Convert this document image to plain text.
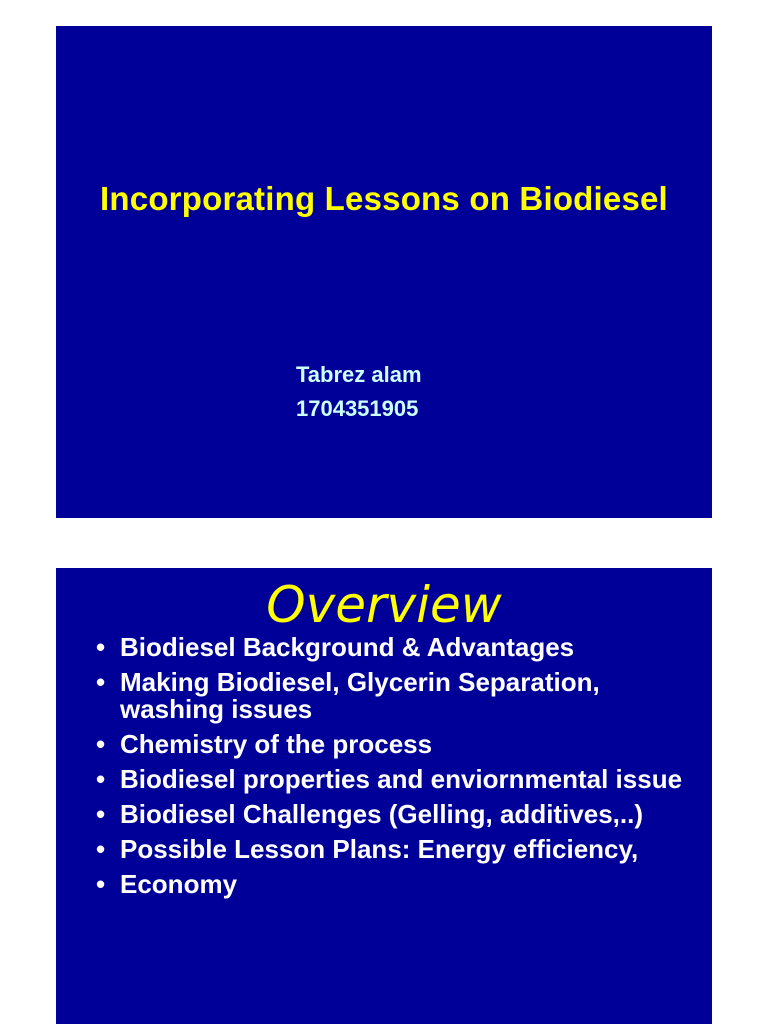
Incorporating Lessons on Biodiesel
Tabrez alam
1704351905
Overview
• Biodiesel Background & Advantages
• Making Biodiesel, Glycerin Separation, washing issues
• Chemistry of the process
• Biodiesel properties and enviornmental issue
• Biodiesel Challenges (Gelling, additives,..)
• Possible Lesson Plans: Energy efficiency,
• Economy
